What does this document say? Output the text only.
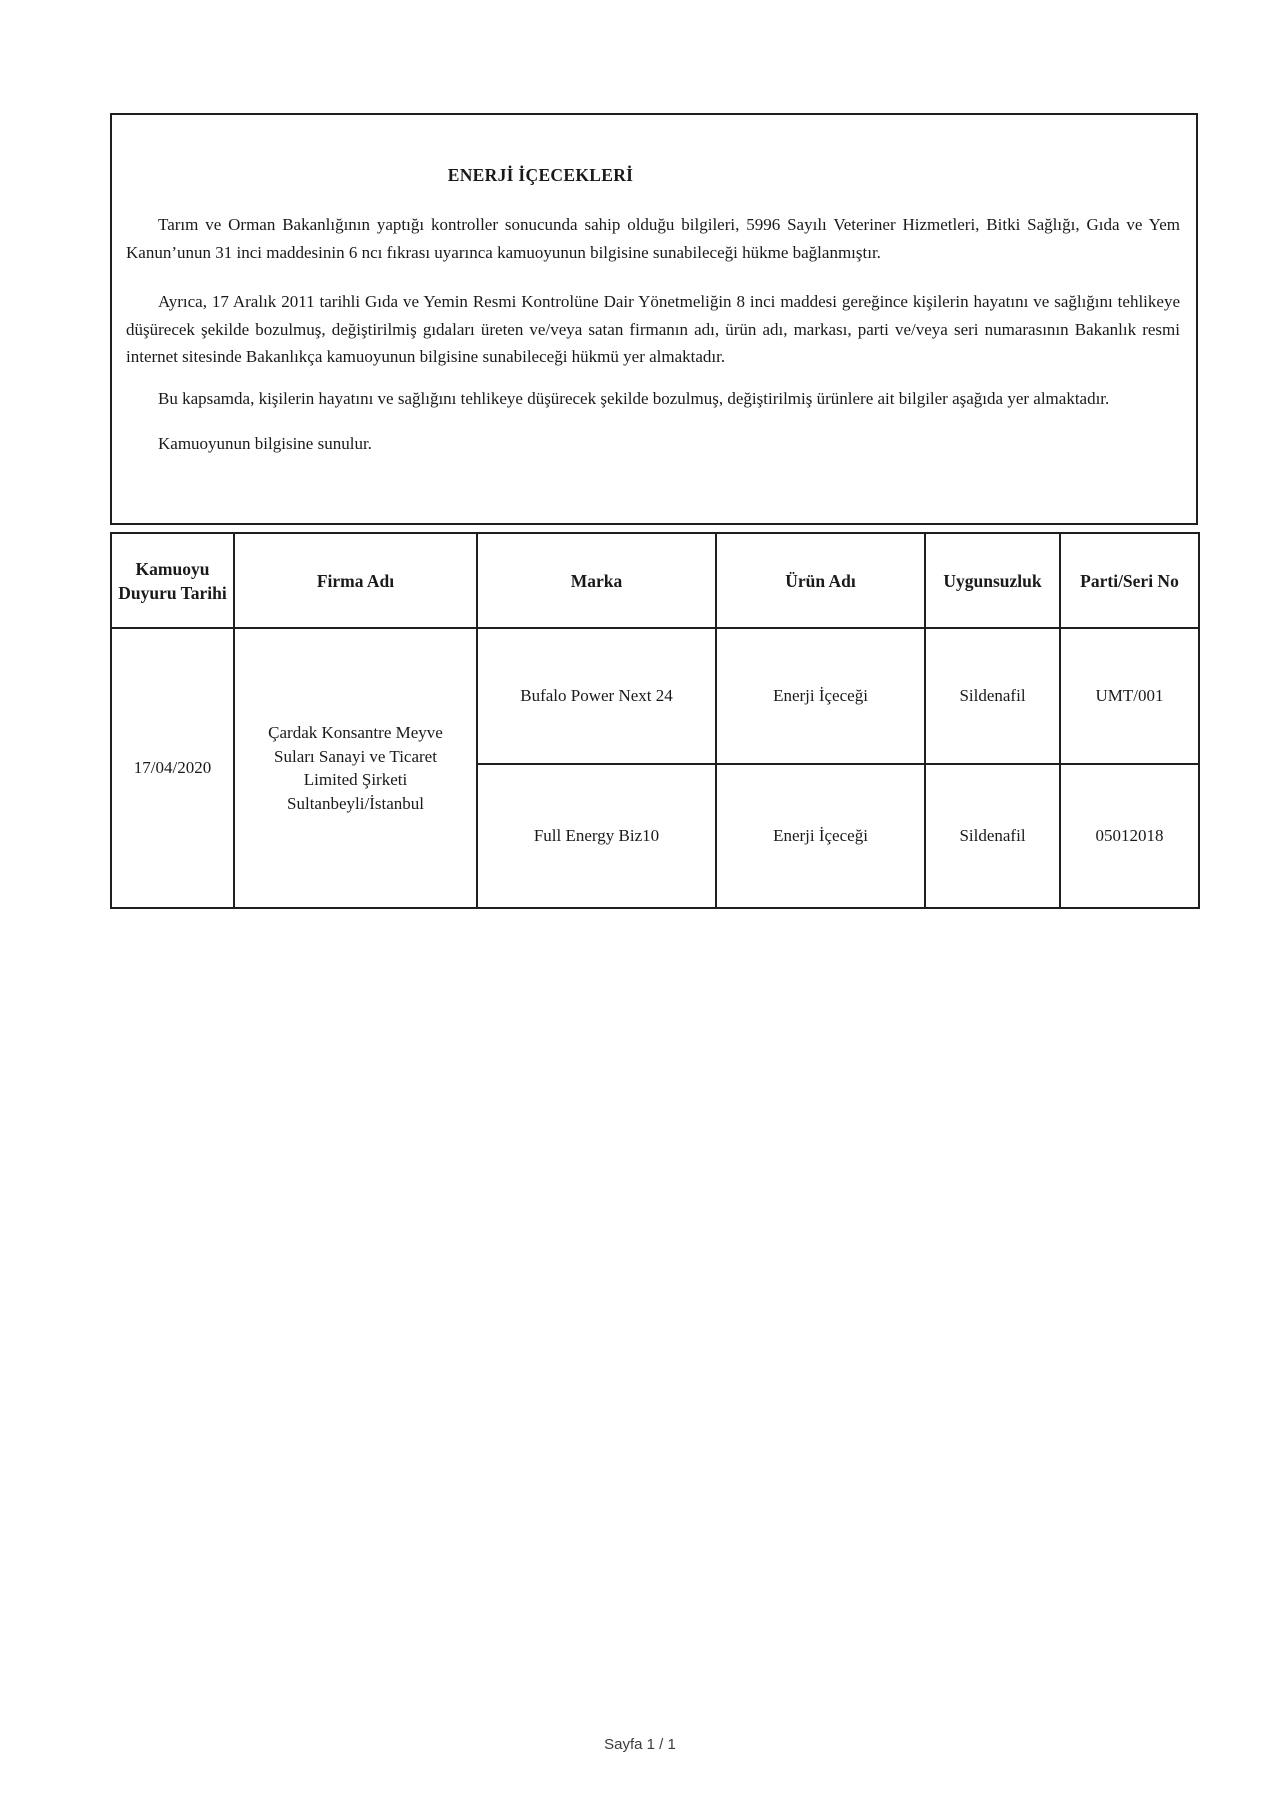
ENERJİ İÇECEKLERİ

Tarım ve Orman Bakanlığının yaptığı kontroller sonucunda sahip olduğu bilgileri, 5996 Sayılı Veteriner Hizmetleri, Bitki Sağlığı, Gıda ve Yem Kanun’unun 31 inci maddesinin 6 ncı fıkrası uyarınca kamuoyunun bilgisine sunabileceği hükme bağlanmıştır.

Ayrıca, 17 Aralık 2011 tarihli Gıda ve Yemin Resmi Kontrolüne Dair Yönetmeliğin 8 inci maddesi gereğince kişilerin hayatını ve sağlığını tehlikeye düşürecek şekilde bozulmuş, değiştirilmiş gıdaları üreten ve/veya satan firmanın adı, ürün adı, markası, parti ve/veya seri numarasının Bakanlık resmi internet sitesinde Bakanlıkça kamuoyunun bilgisine sunabileceği hükmü yer almaktadır.

Bu kapsamda, kişilerin hayatını ve sağlığını tehlikeye düşürecek şekilde bozulmuş, değiştirilmiş ürünlere ait bilgiler aşağıda yer almaktadır.

Kamuoyunun bilgisine sunulur.

Kamuoyu Duyuru Tarihi	Firma Adı	Marka	Ürün Adı	Uygunsuzluk	Parti/Seri No
17/04/2020	Çardak Konsantre Meyve
Suları Sanayi ve Ticaret
Limited Şirketi
Sultanbeyli/İstanbul	Bufalo Power Next 24	Enerji İçeceği	Sildenafil	UMT/001
		Full Energy Biz10	Enerji İçeceği	Sildenafil	05012018
Sayfa 1 / 1
